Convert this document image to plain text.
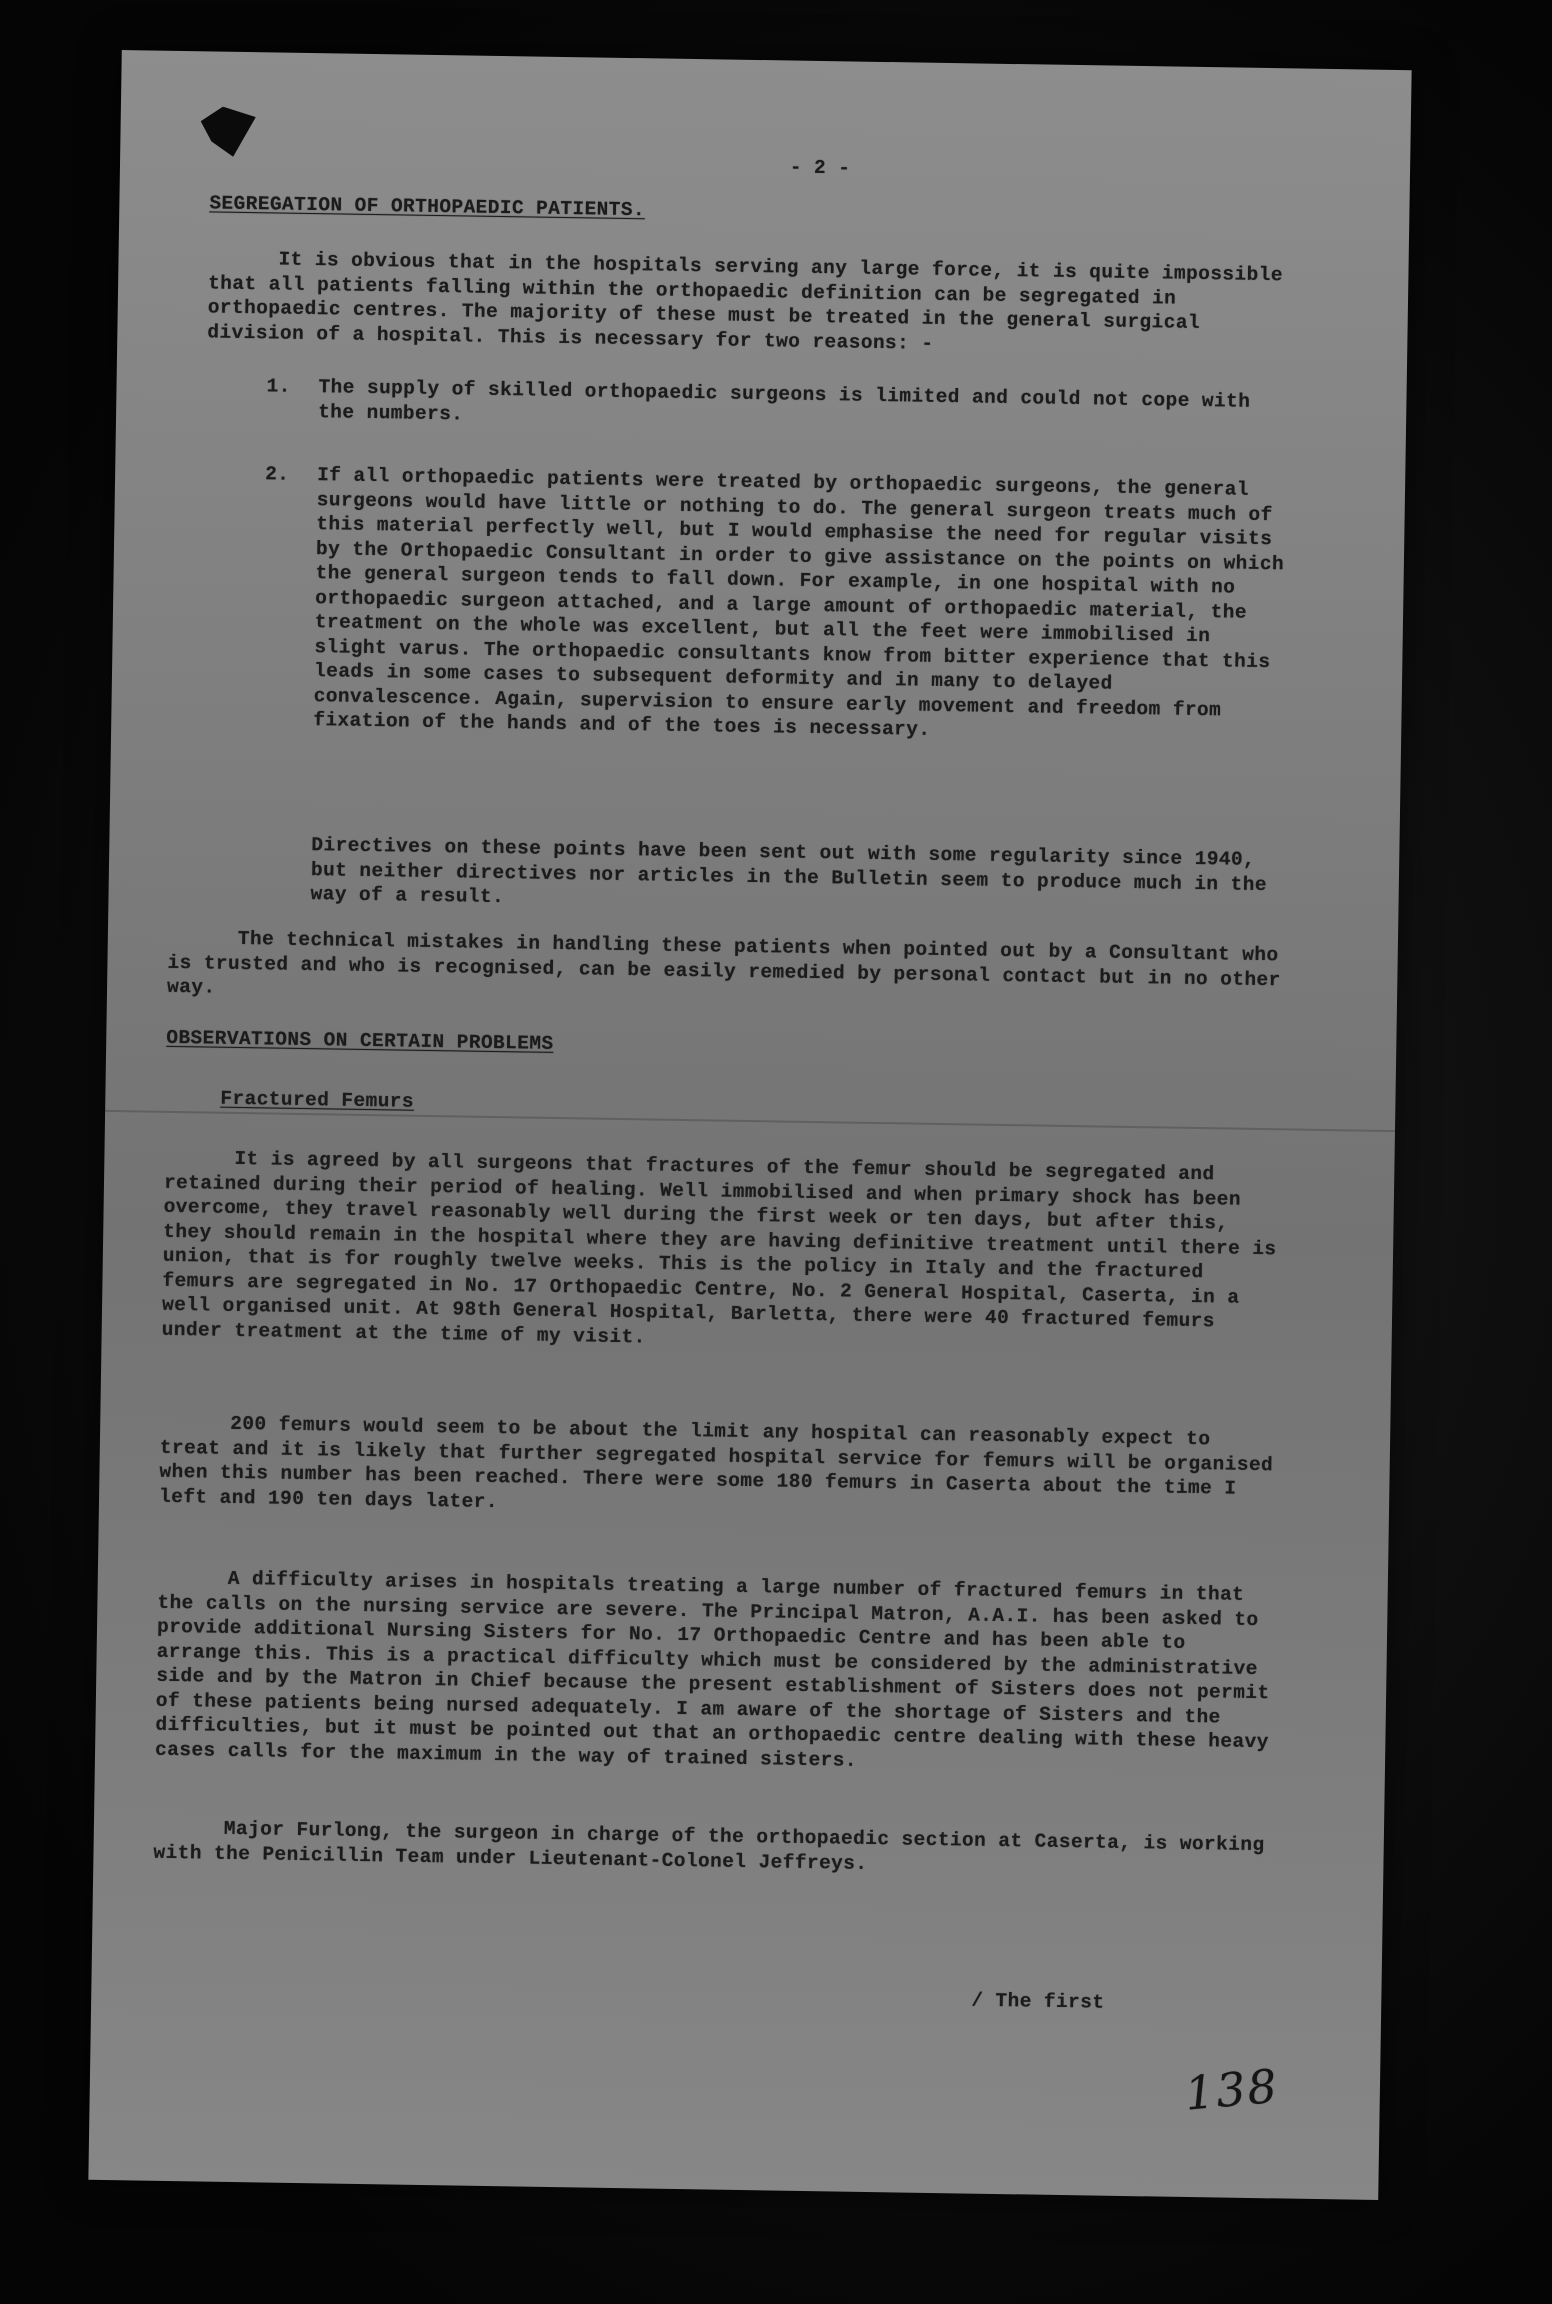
- 2 -
SEGREGATION OF ORTHOPAEDIC PATIENTS.
It is obvious that in the hospitals serving any large force, it is quite impossible that all patients falling within the orthopaedic definition can be segregated in orthopaedic centres. The majority of these must be treated in the general surgical division of a hospital. This is necessary for two reasons: -
1. The supply of skilled orthopaedic surgeons is limited and could not cope with the numbers.
2. If all orthopaedic patients were treated by orthopaedic surgeons, the general surgeons would have little or nothing to do. The general surgeon treats much of this material perfectly well, but I would emphasise the need for regular visits by the Orthopaedic Consultant in order to give assistance on the points on which the general surgeon tends to fall down. For example, in one hospital with no orthopaedic surgeon attached, and a large amount of orthopaedic material, the treatment on the whole was excellent, but all the feet were immobilised in slight varus. The orthopaedic consultants know from bitter experience that this leads in some cases to subsequent deformity and in many to delayed convalescence. Again, supervision to ensure early movement and freedom from fixation of the hands and of the toes is necessary.
Directives on these points have been sent out with some regularity since 1940, but neither directives nor articles in the Bulletin seem to produce much in the way of a result.
The technical mistakes in handling these patients when pointed out by a Consultant who is trusted and who is recognised, can be easily remedied by personal contact but in no other way.
OBSERVATIONS ON CERTAIN PROBLEMS
Fractured Femurs
It is agreed by all surgeons that fractures of the femur should be segregated and retained during their period of healing. Well immobilised and when primary shock has been overcome, they travel reasonably well during the first week or ten days, but after this, they should remain in the hospital where they are having definitive treatment until there is union, that is for roughly twelve weeks. This is the policy in Italy and the fractured femurs are segregated in No. 17 Orthopaedic Centre, No. 2 General Hospital, Caserta, in a well organised unit. At 98th General Hospital, Barletta, there were 40 fractured femurs under treatment at the time of my visit.
200 femurs would seem to be about the limit any hospital can reasonably expect to treat and it is likely that further segregated hospital service for femurs will be organised when this number has been reached. There were some 180 femurs in Caserta about the time I left and 190 ten days later.
A difficulty arises in hospitals treating a large number of fractured femurs in that the calls on the nursing service are severe. The Principal Matron, A.A.I. has been asked to provide additional Nursing Sisters for No. 17 Orthopaedic Centre and has been able to arrange this. This is a practical difficulty which must be considered by the administrative side and by the Matron in Chief because the present establishment of Sisters does not permit of these patients being nursed adequately. I am aware of the shortage of Sisters and the difficulties, but it must be pointed out that an orthopaedic centre dealing with these heavy cases calls for the maximum in the way of trained sisters.
Major Furlong, the surgeon in charge of the orthopaedic section at Caserta, is working with the Penicillin Team under Lieutenant-Colonel Jeffreys.
/ The first
138
